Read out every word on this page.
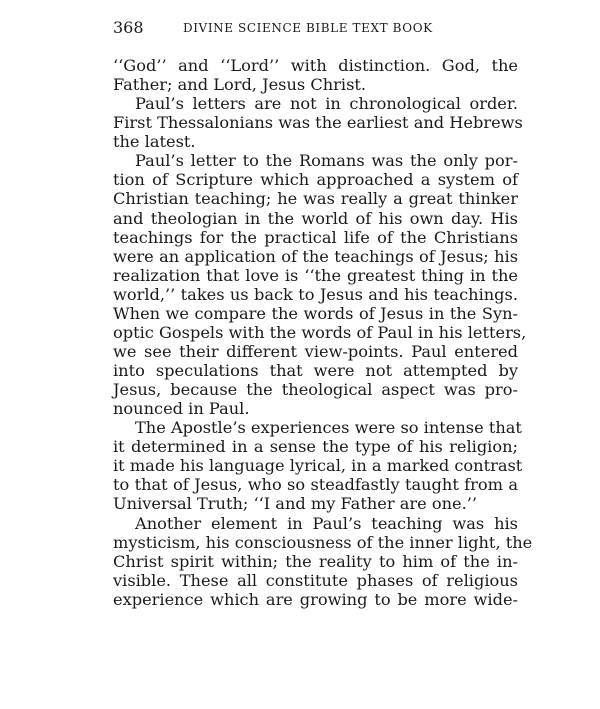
368	DIVINE SCIENCE BIBLE TEXT BOOK
‘‘God’’ and ‘‘Lord’’ with distinction. God, the
Father; and Lord, Jesus Christ.
Paul’s letters are not in chronological order.
First Thessalonians was the earliest and Hebrews
the latest.
Paul’s letter to the Romans was the only por-
tion of Scripture which approached a system of
Christian teaching; he was really a great thinker
and theologian in the world of his own day. His
teachings for the practical life of the Christians
were an application of the teachings of Jesus; his
realization that love is ‘‘the greatest thing in the
world,’’ takes us back to Jesus and his teachings.
When we compare the words of Jesus in the Syn-
optic Gospels with the words of Paul in his letters,
we see their different view-points. Paul entered
into speculations that were not attempted by
Jesus, because the theological aspect was pro-
nounced in Paul.
The Apostle’s experiences were so intense that
it determined in a sense the type of his religion;
it made his language lyrical, in a marked contrast
to that of Jesus, who so steadfastly taught from a
Universal Truth; ‘‘I and my Father are one.’’
Another element in Paul’s teaching was his
mysticism, his consciousness of the inner light, the
Christ spirit within; the reality to him of the in-
visible. These all constitute phases of religious
experience which are growing to be more wide-
